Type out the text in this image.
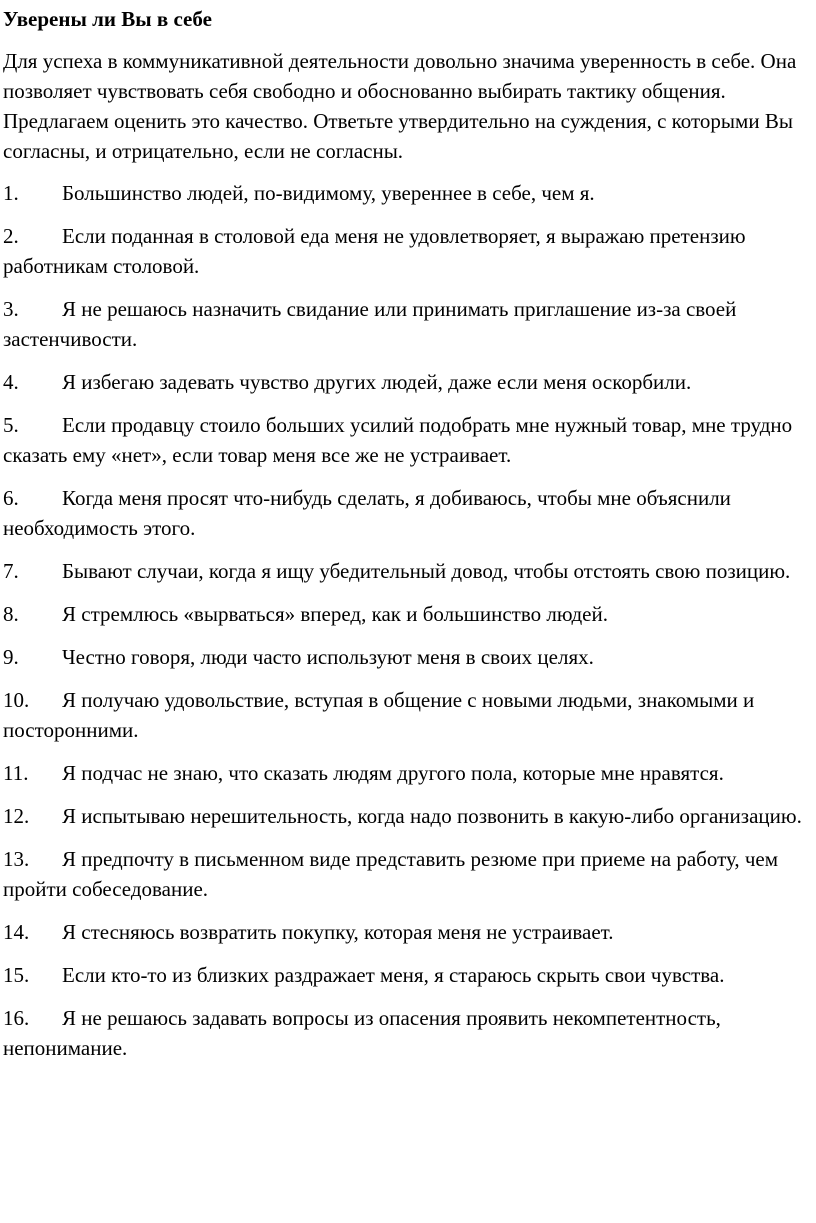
Уверены ли Вы в себе
Для успеха в коммуникативной деятельности довольно значима уверенность в себе. Она позволяет чувствовать себя свободно и обоснованно выбирать тактику общения. Предлагаем оценить это качество. Ответьте утвердительно на суждения, с которыми Вы согласны, и отрицательно, если не согласны.
1. Большинство людей, по-видимому, увереннее в себе, чем я.
2. Если поданная в столовой еда меня не удовлетворяет, я выражаю претензию работникам столовой.
3. Я не решаюсь назначить свидание или принимать приглашение из-за своей застенчивости.
4. Я избегаю задевать чувство других людей, даже если меня оскорбили.
5. Если продавцу стоило больших усилий подобрать мне нужный товар, мне трудно сказать ему «нет», если товар меня все же не устраивает.
6. Когда меня просят что-нибудь сделать, я добиваюсь, чтобы мне объяснили необходимость этого.
7. Бывают случаи, когда я ищу убедительный довод, чтобы отстоять свою позицию.
8. Я стремлюсь «вырваться» вперед, как и большинство людей.
9. Честно говоря, люди часто используют меня в своих целях.
10. Я получаю удовольствие, вступая в общение с новыми людьми, знакомыми и посторонними.
11. Я подчас не знаю, что сказать людям другого пола, которые мне нравятся.
12. Я испытываю нерешительность, когда надо позвонить в какую-либо организацию.
13. Я предпочту в письменном виде представить резюме при приеме на работу, чем пройти собеседование.
14. Я стесняюсь возвратить покупку, которая меня не устраивает.
15. Если кто-то из близких раздражает меня, я стараюсь скрыть свои чувства.
16. Я не решаюсь задавать вопросы из опасения проявить некомпетентность, непонимание.
